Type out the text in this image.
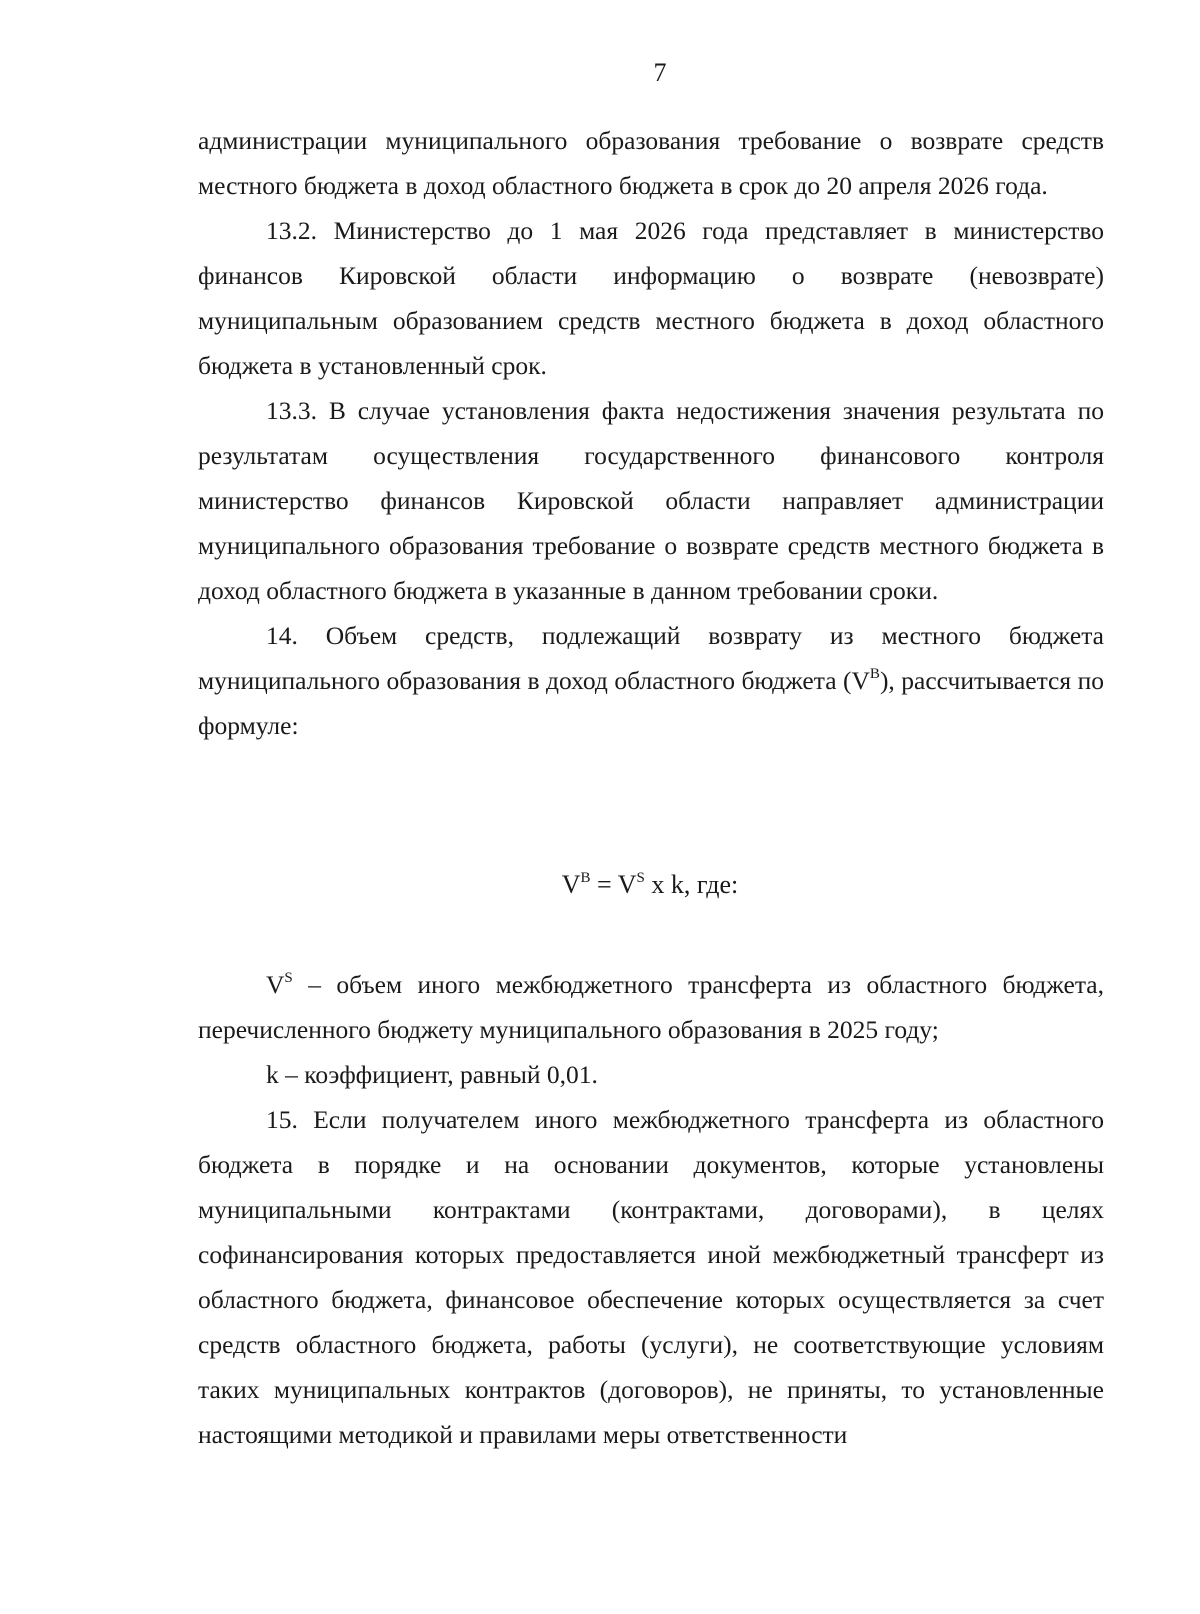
7

администрации муниципального образования требование о возврате средств местного бюджета в доход областного бюджета в срок до 20 апреля 2026 года.

13.2. Министерство до 1 мая 2026 года представляет в министерство финансов Кировской области информацию о возврате (невозврате) муниципальным образованием средств местного бюджета в доход областного бюджета в установленный срок.

13.3. В случае установления факта недостижения значения результата по результатам осуществления государственного финансового контроля министерство финансов Кировской области направляет администрации муниципального образования требование о возврате средств местного бюджета в доход областного бюджета в указанные в данном требовании сроки.

14. Объем средств, подлежащий возврату из местного бюджета муниципального образования в доход областного бюджета $(V^B)$, рассчитывается по формуле:

$V^B = V^S$ x k, где:

$V^S$ – объем иного межбюджетного трансферта из областного бюджета, перечисленного бюджету муниципального образования в 2025 году;

k – коэффициент, равный 0,01.

15. Если получателем иного межбюджетного трансферта из областного бюджета в порядке и на основании документов, которые установлены муниципальными контрактами (контрактами, договорами), в целях софинансирования которых предоставляется иной межбюджетный трансферт из областного бюджета, финансовое обеспечение которых осуществляется за счет средств областного бюджета, работы (услуги), не соответствующие условиям таких муниципальных контрактов (договоров), не приняты, то установленные настоящими методикой и правилами меры ответственности
